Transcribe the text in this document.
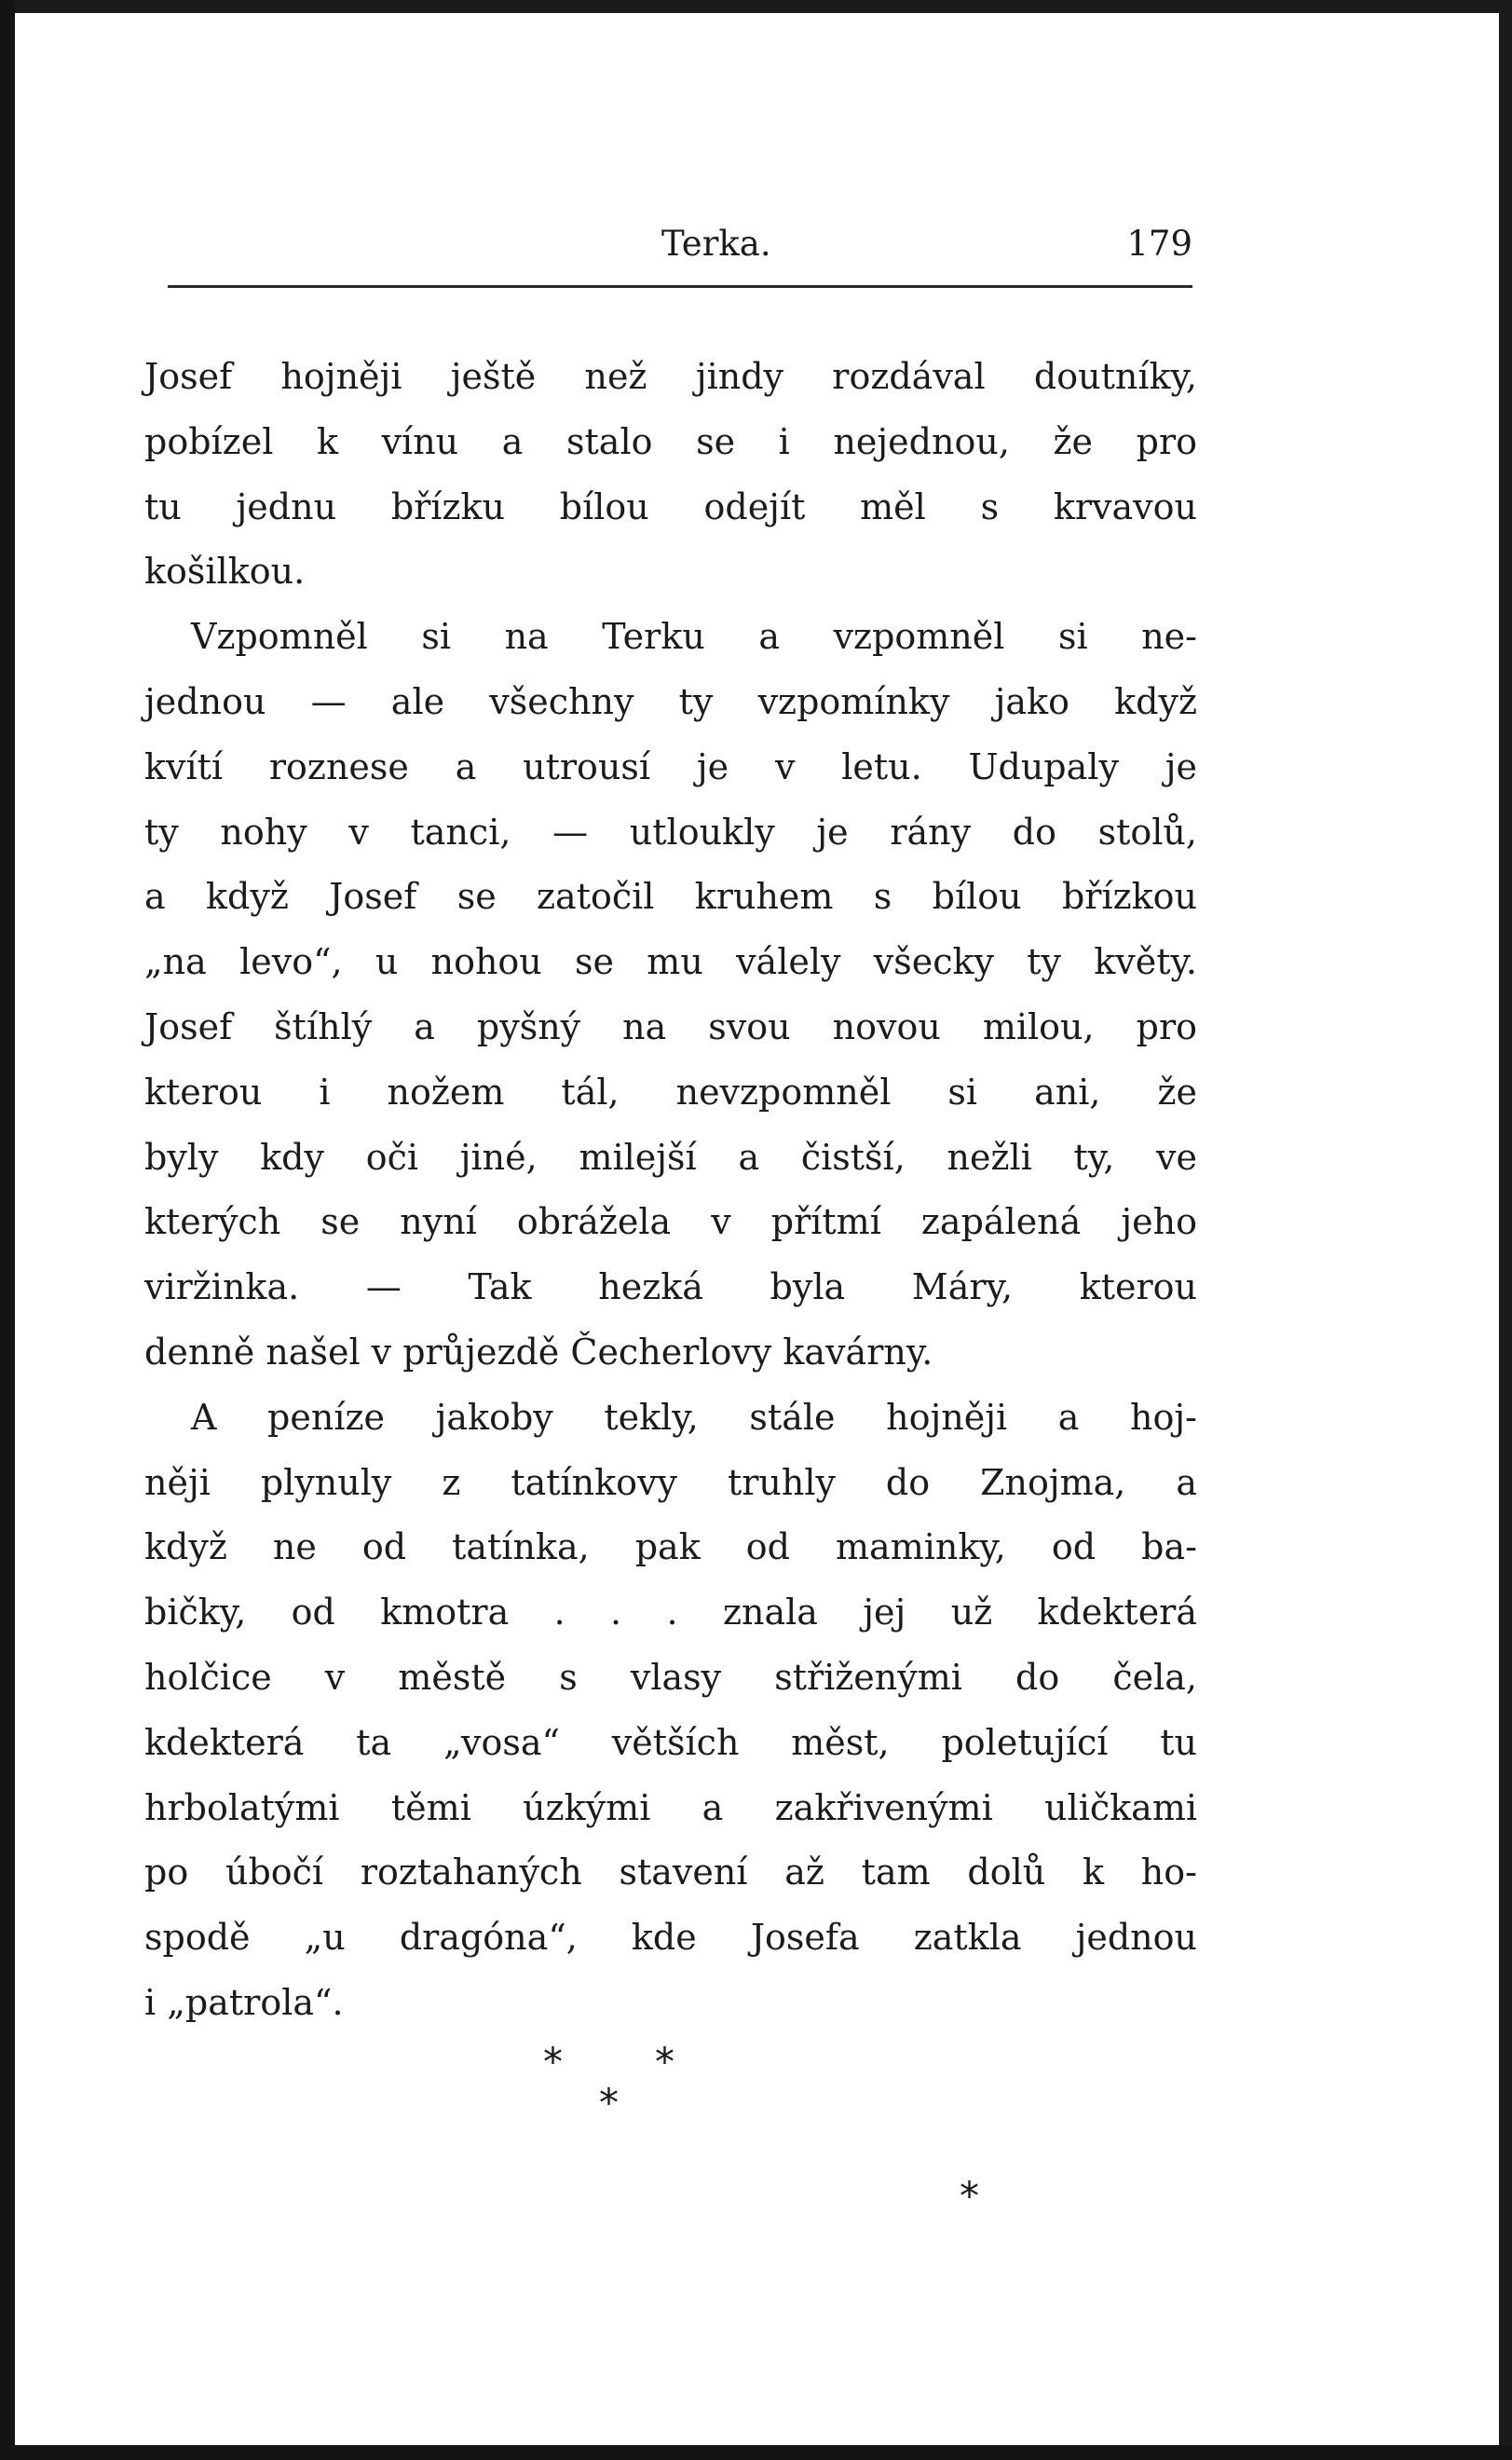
Terka.	179
Josef hojněji ještě než jindy rozdával doutníky,
pobízel k vínu a stalo se i nejednou, že pro
tu jednu břízku bílou odejít měl s krvavou
košilkou.
Vzpomněl si na Terku a vzpomněl si ne-
jednou — ale všechny ty vzpomínky jako když
kvítí roznese a utrousí je v letu. Udupaly je
ty nohy v tanci, — utloukly je rány do stolů,
a když Josef se zatočil kruhem s bílou břízkou
„na levo“, u nohou se mu válely všecky ty květy.
Josef štíhlý a pyšný na svou novou milou, pro
kterou i nožem tál, nevzpomněl si ani, že
byly kdy oči jiné, milejší a čistší, nežli ty, ve
kterých se nyní obrážela v přítmí zapálená jeho
viržinka. — Tak hezká byla Máry, kterou
denně našel v průjezdě Čecherlovy kavárny.
A peníze jakoby tekly, stále hojněji a hoj-
něji plynuly z tatínkovy truhly do Znojma, a
když ne od tatínka, pak od maminky, od ba-
bičky, od kmotra . . . znala jej už kdekterá
holčice v městě s vlasy střiženými do čela,
kdekterá ta „vosa“ větších měst, poletující tu
hrbolatými těmi úzkými a zakřivenými uličkami
po úbočí roztahaných stavení až tam dolů k ho-
spodě „u dragóna“, kde Josefa zatkla jednou
i „patrola“.
* *
*
*
